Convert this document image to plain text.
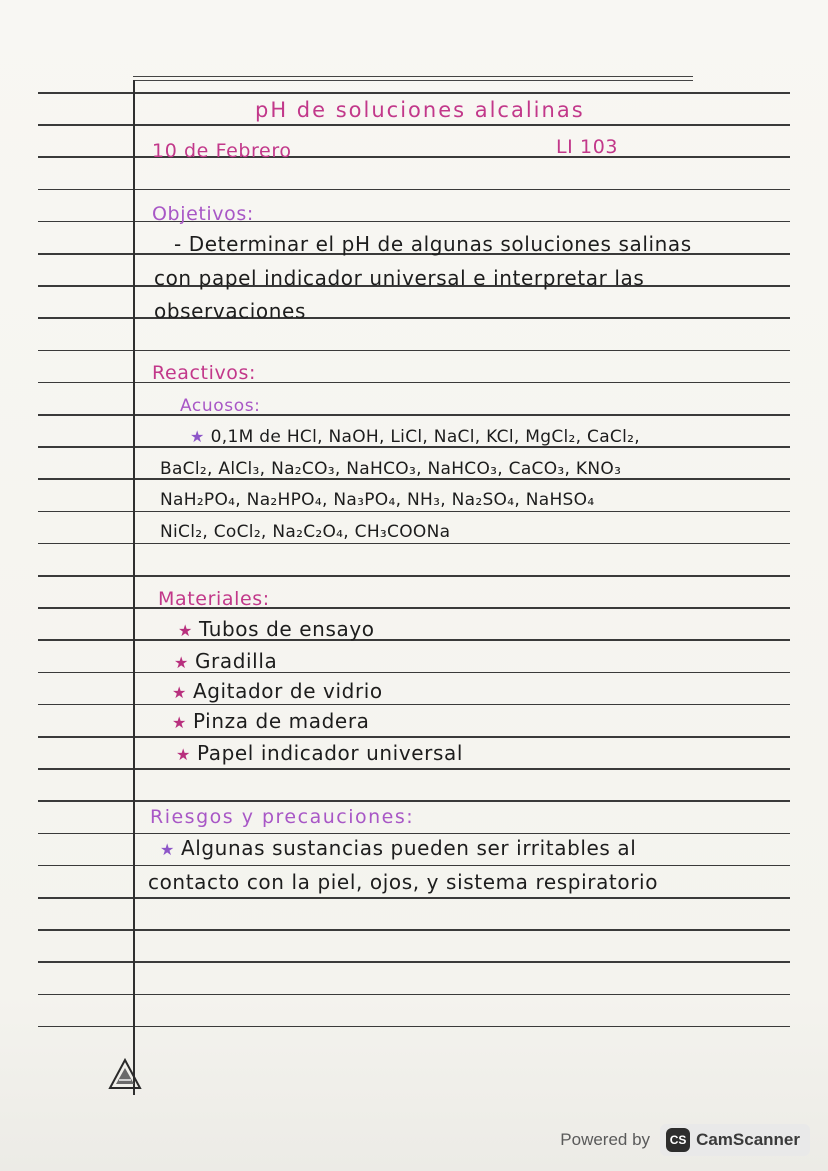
pH de soluciones alcalinas
10 de Febrero	LI 103
Objetivos:
- Determinar el pH de algunas soluciones salinas
con papel indicador universal e interpretar las
observaciones
Reactivos:
Acuosos:
★ 0,1M de HCl, NaOH, LiCl, NaCl, KCl, MgCl₂, CaCl₂,
BaCl₂, AlCl₃, Na₂CO₃, NaHCO₃, NaHCO₃, CaCO₃, KNO₃
NaH₂PO₄, Na₂HPO₄, Na₃PO₄, NH₃, Na₂SO₄, NaHSO₄
NiCl₂, CoCl₂, Na₂C₂O₄, CH₃COONa
Materiales:
★ Tubos de ensayo
★ Gradilla
★ Agitador de vidrio
★ Pinza de madera
★ Papel indicador universal
Riesgos y precauciones:
★ Algunas sustancias pueden ser irritables al
contacto con la piel, ojos, y sistema respiratorio
Powered by	CS CamScanner
